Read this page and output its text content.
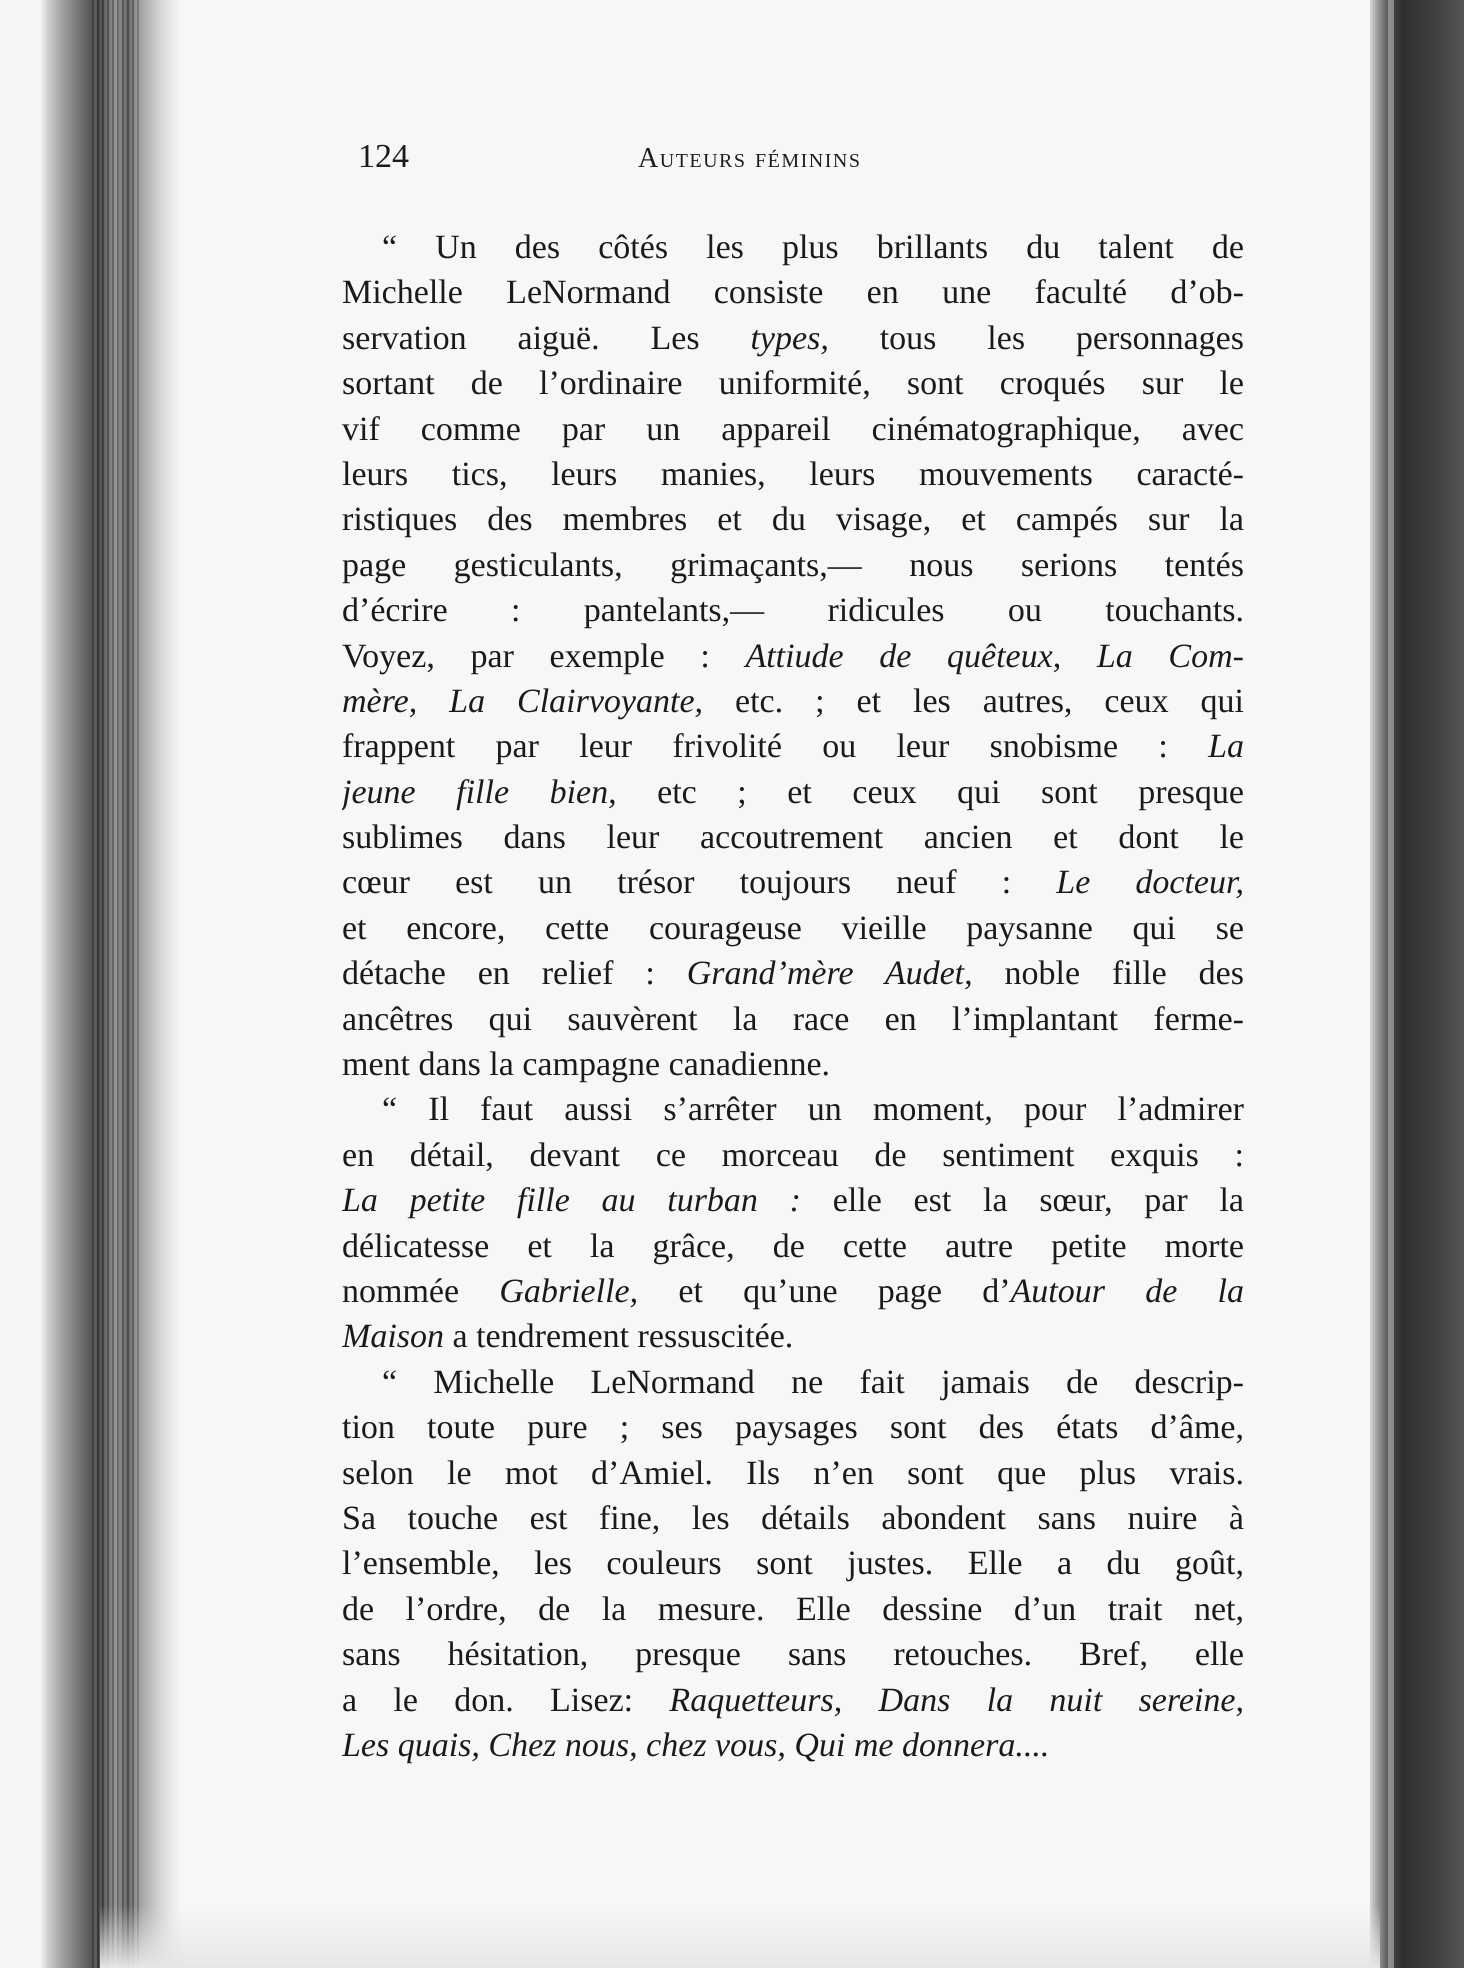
124	Auteurs féminins
“ Un des côtés les plus brillants du talent de
Michelle LeNormand consiste en une faculté d’ob-
servation aiguë. Les types, tous les personnages
sortant de l’ordinaire uniformité, sont croqués sur le
vif comme par un appareil cinématographique, avec
leurs tics, leurs manies, leurs mouvements caracté-
ristiques des membres et du visage, et campés sur la
page gesticulants, grimaçants,— nous serions tentés
d’écrire : pantelants,— ridicules ou touchants.
Voyez, par exemple : Attiude de quêteux, La Com-
mère, La Clairvoyante, etc. ; et les autres, ceux qui
frappent par leur frivolité ou leur snobisme : La
jeune fille bien, etc ; et ceux qui sont presque
sublimes dans leur accoutrement ancien et dont le
cœur est un trésor toujours neuf : Le docteur,
et encore, cette courageuse vieille paysanne qui se
détache en relief : Grand’mère Audet, noble fille des
ancêtres qui sauvèrent la race en l’implantant ferme-
ment dans la campagne canadienne.
“ Il faut aussi s’arrêter un moment, pour l’admirer
en détail, devant ce morceau de sentiment exquis :
La petite fille au turban : elle est la sœur, par la
délicatesse et la grâce, de cette autre petite morte
nommée Gabrielle, et qu’une page d’Autour de la
Maison a tendrement ressuscitée.
“ Michelle LeNormand ne fait jamais de descrip-
tion toute pure ; ses paysages sont des états d’âme,
selon le mot d’Amiel. Ils n’en sont que plus vrais.
Sa touche est fine, les détails abondent sans nuire à
l’ensemble, les couleurs sont justes. Elle a du goût,
de l’ordre, de la mesure. Elle dessine d’un trait net,
sans hésitation, presque sans retouches. Bref, elle
a le don. Lisez: Raquetteurs, Dans la nuit sereine,
Les quais, Chez nous, chez vous, Qui me donnera....
